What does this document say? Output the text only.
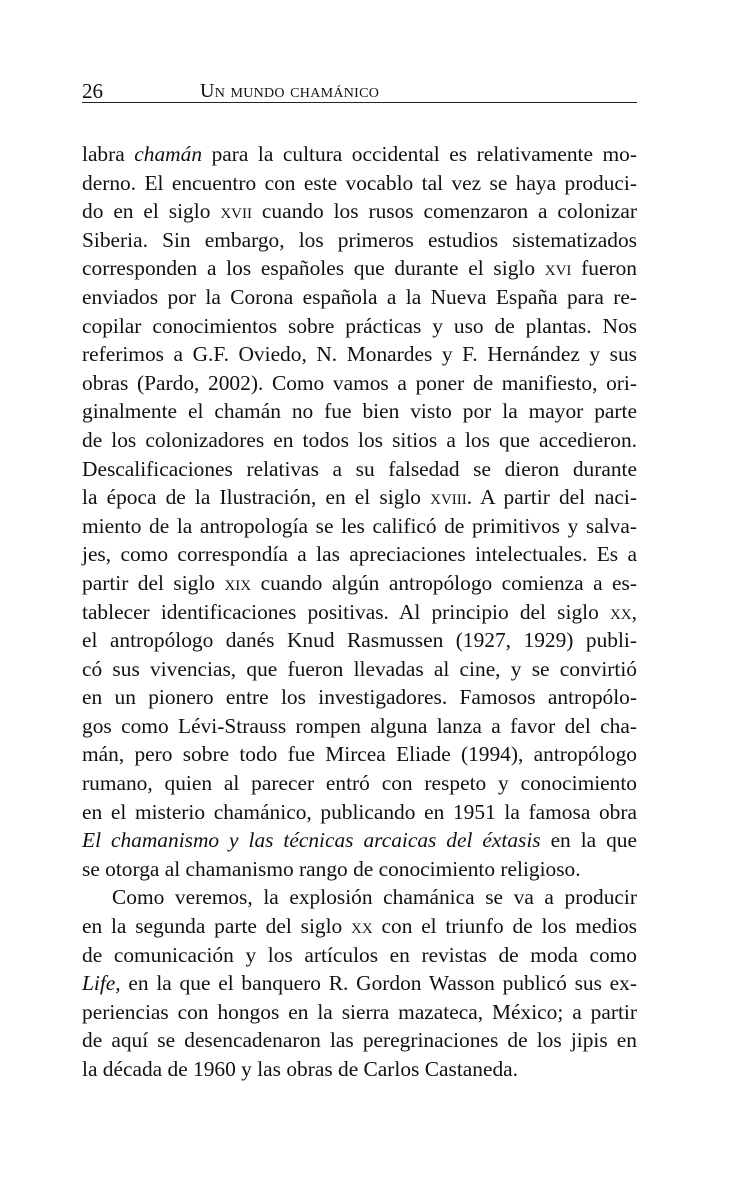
26	Un mundo chamánico
labra chamán para la cultura occidental es relativamente mo-
derno. El encuentro con este vocablo tal vez se haya produci-
do en el siglo xvii cuando los rusos comenzaron a colonizar
Siberia. Sin embargo, los primeros estudios sistematizados
corresponden a los españoles que durante el siglo xvi fueron
enviados por la Corona española a la Nueva España para re-
copilar conocimientos sobre prácticas y uso de plantas. Nos
referimos a G.F. Oviedo, N. Monardes y F. Hernández y sus
obras (Pardo, 2002). Como vamos a poner de manifiesto, ori-
ginalmente el chamán no fue bien visto por la mayor parte
de los colonizadores en todos los sitios a los que accedieron.
Descalificaciones relativas a su falsedad se dieron durante
la época de la Ilustración, en el siglo xviii. A partir del naci-
miento de la antropología se les calificó de primitivos y salva-
jes, como correspondía a las apreciaciones intelectuales. Es a
partir del siglo xix cuando algún antropólogo comienza a es-
tablecer identificaciones positivas. Al principio del siglo xx,
el antropólogo danés Knud Rasmussen (1927, 1929) publi-
có sus vivencias, que fueron llevadas al cine, y se convirtió
en un pionero entre los investigadores. Famosos antropólo-
gos como Lévi-Strauss rompen alguna lanza a favor del cha-
mán, pero sobre todo fue Mircea Eliade (1994), antropólogo
rumano, quien al parecer entró con respeto y conocimiento
en el misterio chamánico, publicando en 1951 la famosa obra
El chamanismo y las técnicas arcaicas del éxtasis en la que
se otorga al chamanismo rango de conocimiento religioso.
Como veremos, la explosión chamánica se va a producir
en la segunda parte del siglo xx con el triunfo de los medios
de comunicación y los artículos en revistas de moda como
Life, en la que el banquero R. Gordon Wasson publicó sus ex-
periencias con hongos en la sierra mazateca, México; a partir
de aquí se desencadenaron las peregrinaciones de los jipis en
la década de 1960 y las obras de Carlos Castaneda.
